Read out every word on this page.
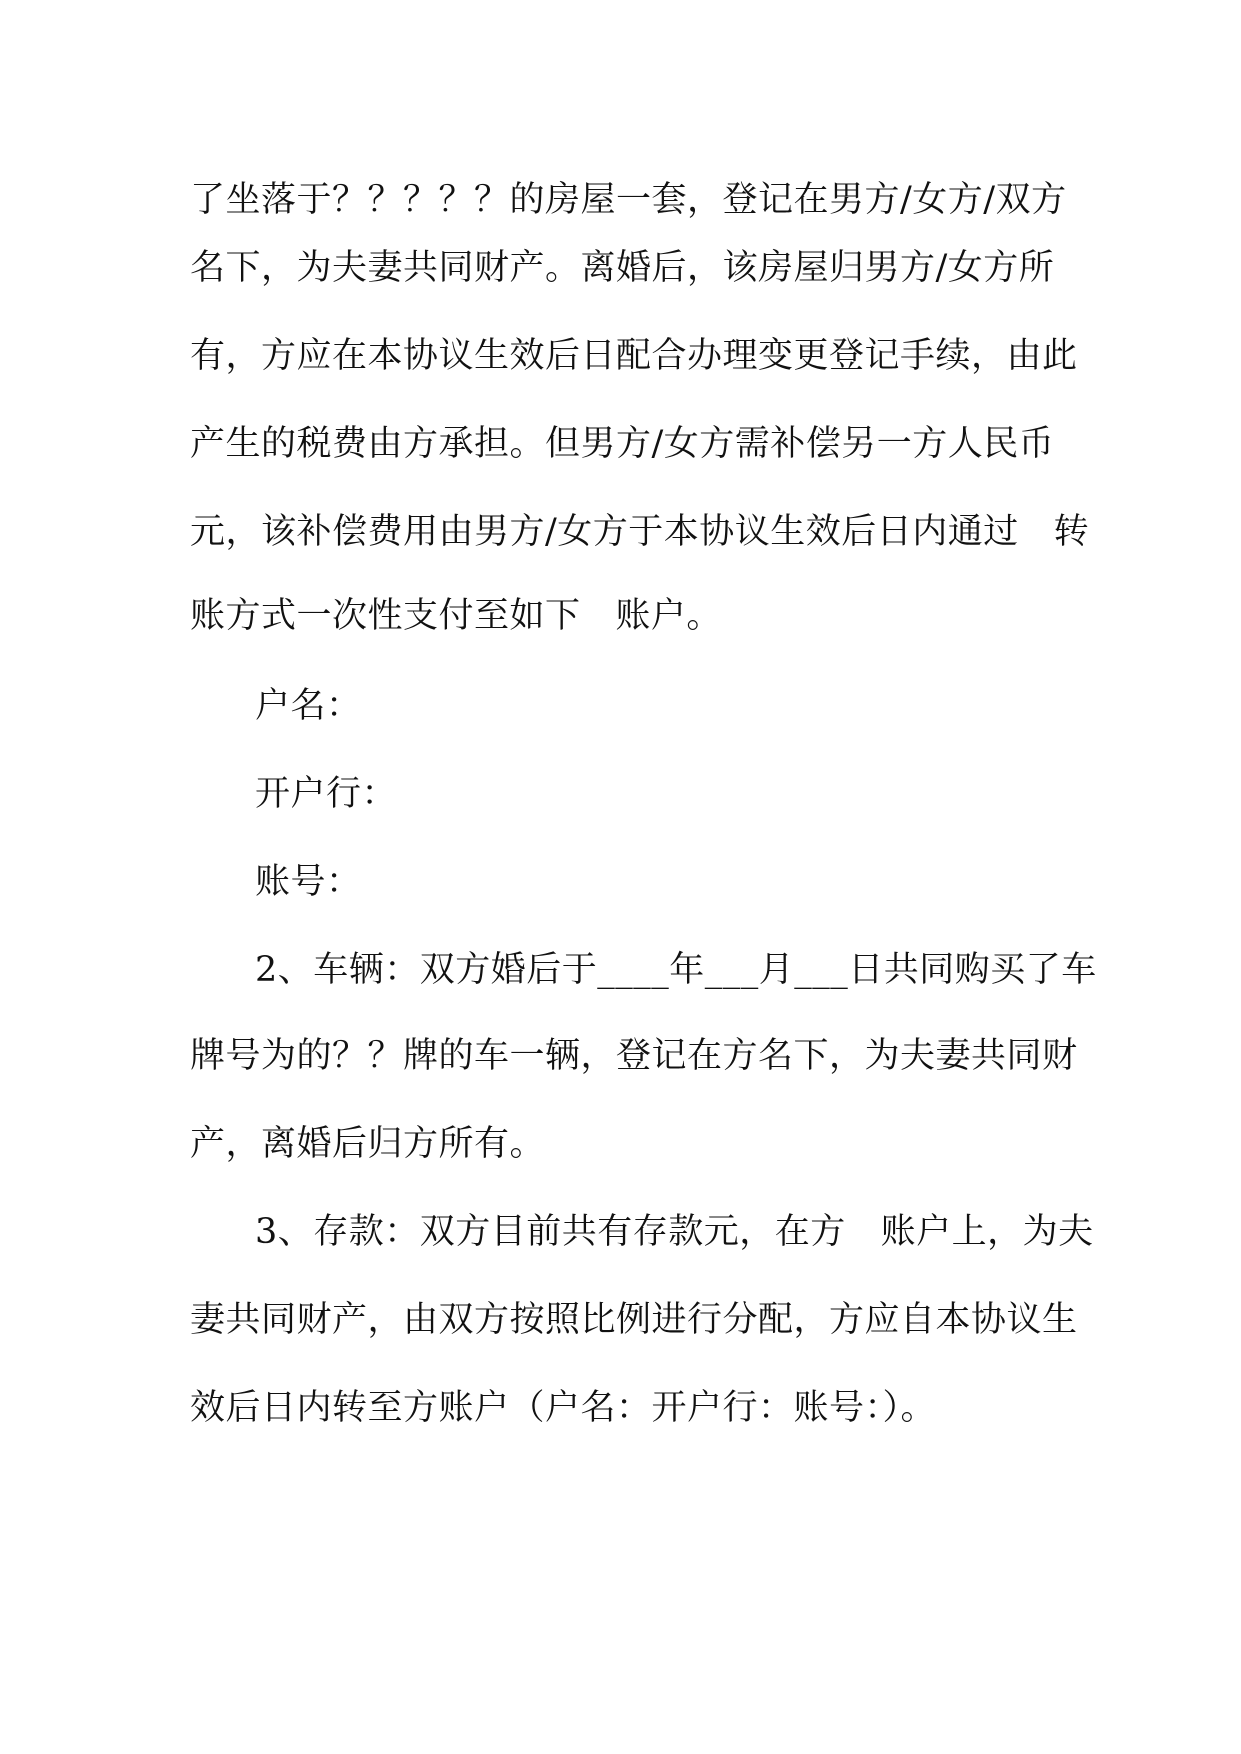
了坐落于？？？？？的房屋一套，登记在男方/女方/双方
名下，为夫妻共同财产。离婚后，该房屋归男方/女方所
有，方应在本协议生效后日配合办理变更登记手续，由此
产生的税费由方承担。但男方/女方需补偿另一方人民币
元，该补偿费用由男方/女方于本协议生效后日内通过   转
账方式一次性支付至如下   账户。
户名：
开户行：
账号：
2、车辆：双方婚后于____年___月___日共同购买了车
牌号为的？？牌的车一辆，登记在方名下，为夫妻共同财
产，离婚后归方所有。
3、存款：双方目前共有存款元，在方   账户上，为夫
妻共同财产，由双方按照比例进行分配，方应自本协议生
效后日内转至方账户（户名：开户行：账号：）。
